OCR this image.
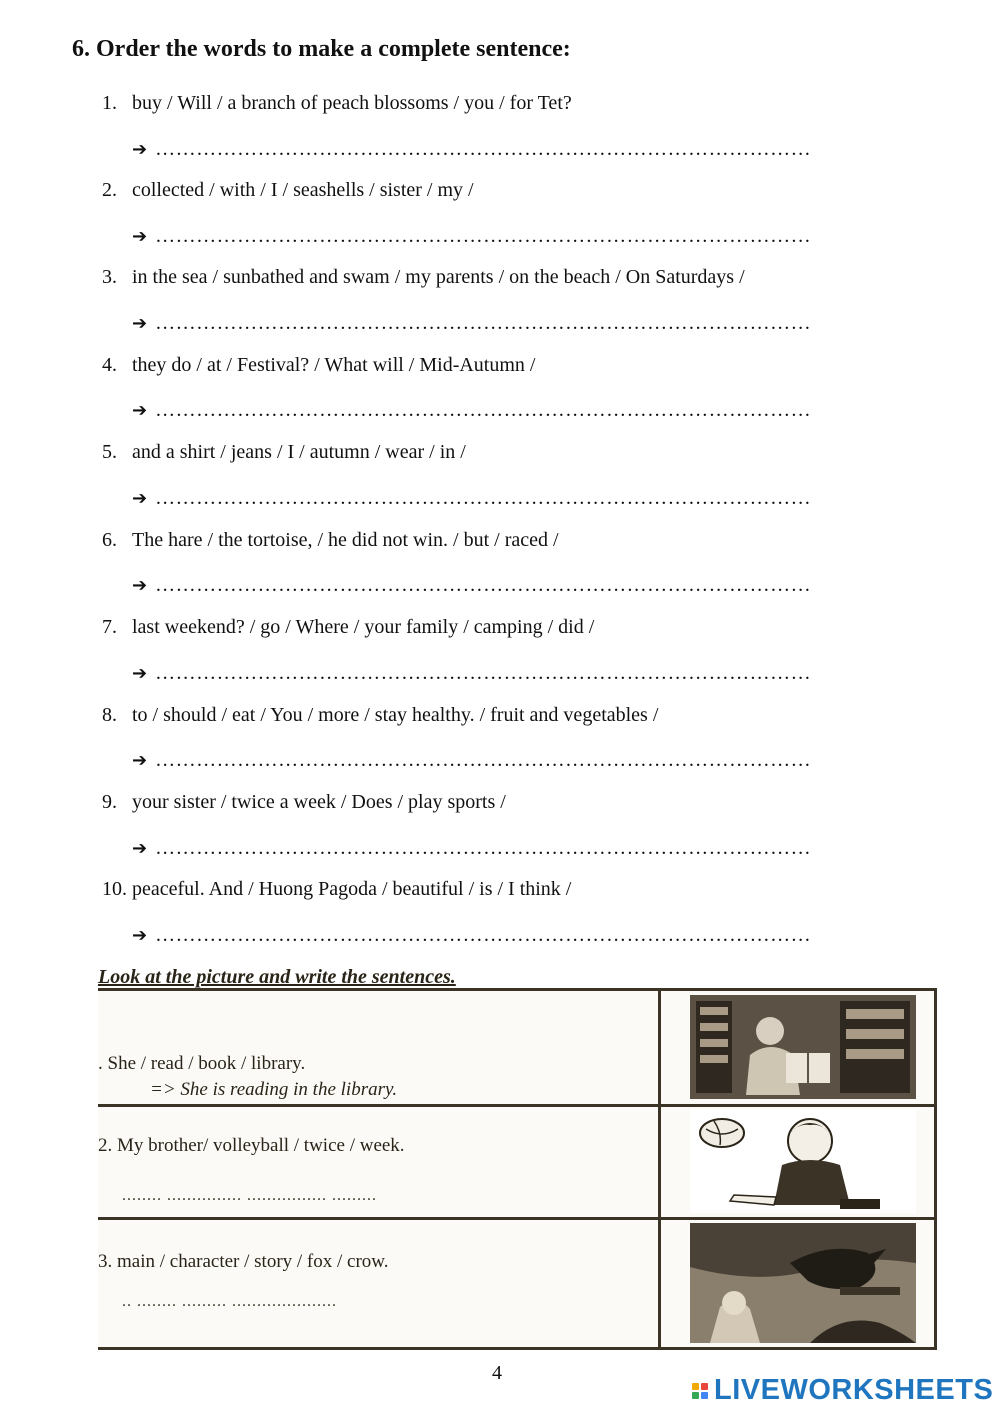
6. Order the words to make a complete sentence:
1. buy / Will / a branch of peach blossoms / you / for Tet?
➔ ……………………………………………………………………………………
2. collected / with / I / seashells / sister / my /
➔ ……………………………………………………………………………………
3. in the sea / sunbathed and swam / my parents / on the beach / On Saturdays /
➔ ……………………………………………………………………………………
4. they do / at / Festival? / What will / Mid-Autumn /
➔ ……………………………………………………………………………………
5. and a shirt / jeans / I / autumn / wear / in /
➔ ……………………………………………………………………………………
6. The hare / the tortoise, / he did not win. / but / raced /
➔ ……………………………………………………………………………………
7. last weekend? / go / Where / your family / camping / did /
➔ ……………………………………………………………………………………
8. to / should / eat / You / more / stay healthy. / fruit and vegetables /
➔ ……………………………………………………………………………………
9. your sister / twice a week / Does / play sports /
➔ ……………………………………………………………………………………
10. peaceful. And / Huong Pagoda / beautiful / is / I think /
➔ ……………………………………………………………………………………
Look at the picture and write the sentences.
. She / read / book / library.
=> She is reading in the library.
2. My brother/ volleyball / twice / week.
........ ............... ................ .........
3. main / character / story / fox / crow.
.. ........ ......... .....................
4
LIVEWORKSHEETS
